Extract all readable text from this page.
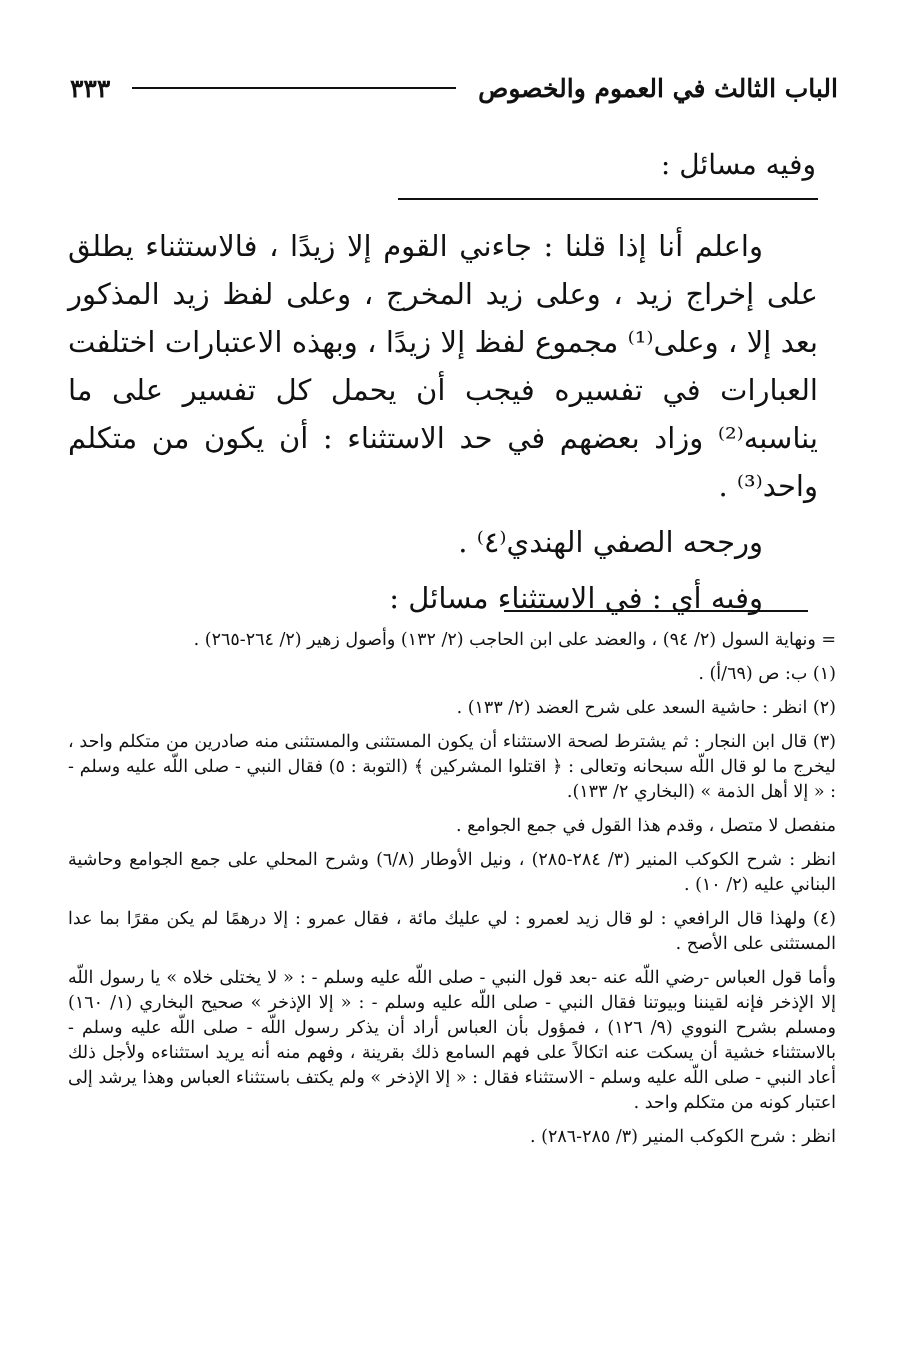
الباب الثالث في العموم والخصوص
٣٣٣
وفيه مسائل :

واعلم أنا إذا قلنا : جاءني القوم إلا زيدًا ، فالاستثناء يطلق على إخراج زيد ، وعلى زيد المخرج ، وعلى لفظ زيد المذكور بعد إلا ، وعلى⁽¹⁾ مجموع لفظ إلا زيدًا ، وبهذه الاعتبارات اختلفت العبارات في تفسيره فيجب أن يحمل كل تفسير على ما يناسبه⁽²⁾ وزاد بعضهم في حد الاستثناء : أن يكون من متكلم واحد⁽³⁾ .

ورجحه الصفي الهندي⁽٤⁾ .

وفيه أي : في الاستثناء مسائل :

= ونهاية السول (٢/ ٩٤) ، والعضد على ابن الحاجب (٢/ ١٣٢) وأصول زهير (٢/ ٢٦٤-٢٦٥) .

(١) ب: ص (٦٩/أ) .

(٢) انظر : حاشية السعد على شرح العضد (٢/ ١٣٣) .

(٣) قال ابن النجار : ثم يشترط لصحة الاستثناء أن يكون المستثنى والمستثنى منه صادرين من متكلم واحد ، ليخرج ما لو قال اللّه سبحانه وتعالى : ﴿ اقتلوا المشركين ﴾ (التوبة : ٥) فقال النبي - صلى اللّه عليه وسلم - : « إلا أهل الذمة » (البخاري ٢/ ١٣٣).

منفصل لا متصل ، وقدم هذا القول في جمع الجوامع .

انظر : شرح الكوكب المنير (٣/ ٢٨٤-٢٨٥) ، ونيل الأوطار (٦/٨) وشرح المحلي على جمع الجوامع وحاشية البناني عليه (٢/ ١٠) .

(٤) ولهذا قال الرافعي : لو قال زيد لعمرو : لي عليك مائة ، فقال عمرو : إلا درهمًا لم يكن مقرًا بما عدا المستثنى على الأصح .

وأما قول العباس -رضي اللّه عنه -بعد قول النبي - صلى اللّه عليه وسلم - : « لا يختلى خلاه » يا رسول اللّه إلا الإذخر فإنه لقيننا وبيوتنا فقال النبي - صلى اللّه عليه وسلم - : « إلا الإذخر » صحيح البخاري (١/ ١٦٠) ومسلم بشرح النووي (٩/ ١٢٦) ، فمؤول بأن العباس أراد أن يذكر رسول اللّه - صلى اللّه عليه وسلم - بالاستثناء خشية أن يسكت عنه اتكالاً على فهم السامع ذلك بقرينة ، وفهم منه أنه يريد استثناءه ولأجل ذلك أعاد النبي - صلى اللّه عليه وسلم - الاستثناء فقال : « إلا الإذخر » ولم يكتف باستثناء العباس وهذا يرشد إلى اعتبار كونه من متكلم واحد .

انظر : شرح الكوكب المنير (٣/ ٢٨٥-٢٨٦) .
